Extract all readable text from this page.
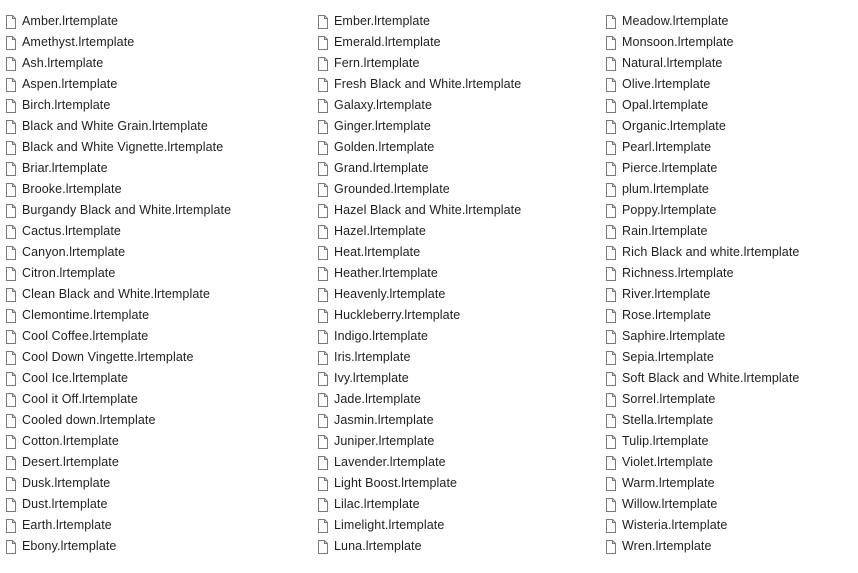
Amber.lrtemplate
Amethyst.lrtemplate
Ash.lrtemplate
Aspen.lrtemplate
Birch.lrtemplate
Black and White Grain.lrtemplate
Black and White Vignette.lrtemplate
Briar.lrtemplate
Brooke.lrtemplate
Burgandy Black and White.lrtemplate
Cactus.lrtemplate
Canyon.lrtemplate
Citron.lrtemplate
Clean Black and White.lrtemplate
Clemontime.lrtemplate
Cool Coffee.lrtemplate
Cool Down Vingette.lrtemplate
Cool Ice.lrtemplate
Cool it Off.lrtemplate
Cooled down.lrtemplate
Cotton.lrtemplate
Desert.lrtemplate
Dusk.lrtemplate
Dust.lrtemplate
Earth.lrtemplate
Ebony.lrtemplate
Ember.lrtemplate
Emerald.lrtemplate
Fern.lrtemplate
Fresh Black and White.lrtemplate
Galaxy.lrtemplate
Ginger.lrtemplate
Golden.lrtemplate
Grand.lrtemplate
Grounded.lrtemplate
Hazel Black and White.lrtemplate
Hazel.lrtemplate
Heat.lrtemplate
Heather.lrtemplate
Heavenly.lrtemplate
Huckleberry.lrtemplate
Indigo.lrtemplate
Iris.lrtemplate
Ivy.lrtemplate
Jade.lrtemplate
Jasmin.lrtemplate
Juniper.lrtemplate
Lavender.lrtemplate
Light Boost.lrtemplate
Lilac.lrtemplate
Limelight.lrtemplate
Luna.lrtemplate
Meadow.lrtemplate
Monsoon.lrtemplate
Natural.lrtemplate
Olive.lrtemplate
Opal.lrtemplate
Organic.lrtemplate
Pearl.lrtemplate
Pierce.lrtemplate
plum.lrtemplate
Poppy.lrtemplate
Rain.lrtemplate
Rich Black and white.lrtemplate
Richness.lrtemplate
River.lrtemplate
Rose.lrtemplate
Saphire.lrtemplate
Sepia.lrtemplate
Soft Black and White.lrtemplate
Sorrel.lrtemplate
Stella.lrtemplate
Tulip.lrtemplate
Violet.lrtemplate
Warm.lrtemplate
Willow.lrtemplate
Wisteria.lrtemplate
Wren.lrtemplate
